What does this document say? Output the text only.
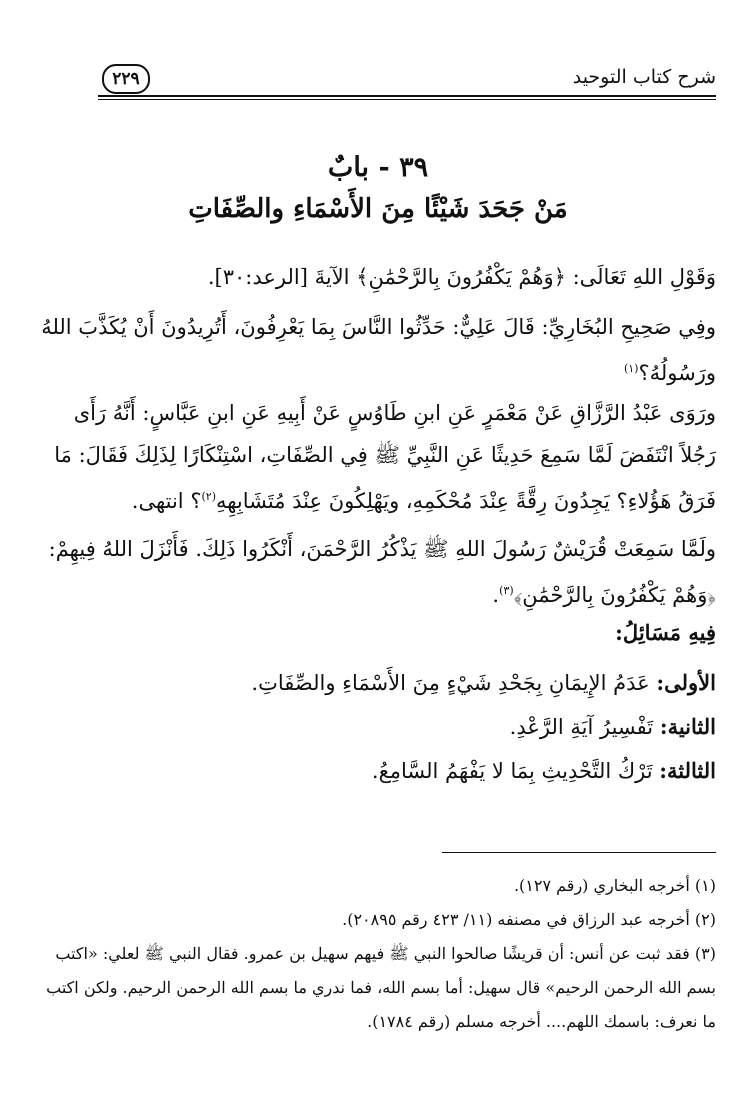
شرح كتاب التوحيد
٢٢٩
٣٩ - بابٌ
مَنْ جَحَدَ شَيْئًا مِنَ الأَسْمَاءِ والصِّفَاتِ
وَقَوْلِ اللهِ تَعَالَى: ﴿وَهُمْ يَكْفُرُونَ بِالرَّحْمَٰنِ﴾ الآيةَ [الرعد:٣٠].
وفِي صَحِيحِ البُخَارِيِّ: قَالَ عَلِيٌّ: حَدِّثُوا النَّاسَ بِمَا يَعْرِفُونَ، أَتُرِيدُونَ أَنْ يُكَذَّبَ اللهُ ورَسُولُهُ؟$^{(١)}$
ورَوَى عَبْدُ الرَّزَّاقِ عَنْ مَعْمَرٍ عَنِ ابنِ طَاوُسٍ عَنْ أَبِيهِ عَنِ ابنِ عَبَّاسٍ: أَنَّهُ رَأَى رَجُلاً انْتَفَضَ لَمَّا سَمِعَ حَدِيثًا عَنِ النَّبِيِّ ﷺ فِي الصِّفَاتِ، اسْتِنْكَارًا لِذَلِكَ فَقَالَ: مَا فَرَقُ هَؤُلاءِ؟ يَجِدُونَ رِقَّةً عِنْدَ مُحْكَمِهِ، ويَهْلِكُونَ عِنْدَ مُتَشَابِهِهِ$^{(٢)}$؟ انتهى.
ولَمَّا سَمِعَتْ قُرَيْشٌ رَسُولَ اللهِ ﷺ يَذْكُرُ الرَّحْمَنَ، أَنْكَرُوا ذَلِكَ. فَأَنْزَلَ اللهُ فِيهِمْ: ﴿وَهُمْ يَكْفُرُونَ بِالرَّحْمَٰنِ﴾$^{(٣)}$.
فِيهِ مَسَائِلُ:
الأولى: عَدَمُ الإِيمَانِ بِجَحْدِ شَيْءٍ مِنَ الأَسْمَاءِ والصِّفَاتِ.
الثانية: تَفْسِيرُ آيَةِ الرَّعْدِ.
الثالثة: تَرْكُ التَّحْدِيثِ بِمَا لا يَفْهَمُ السَّامِعُ.
(١) أخرجه البخاري (رقم ١٢٧).
(٢) أخرجه عبد الرزاق في مصنفه (١١/ ٤٢٣ رقم ٢٠٨٩٥).
(٣) فقد ثبت عن أنس: أن قريشًا صالحوا النبي ﷺ فيهم سهيل بن عمرو. فقال النبي ﷺ لعلي: «اكتب بسم الله الرحمن الرحيم» قال سهيل: أما بسم الله، فما ندري ما بسم الله الرحمن الرحيم. ولكن اكتب ما نعرف: باسمك اللهم.... أخرجه مسلم (رقم ١٧٨٤).
